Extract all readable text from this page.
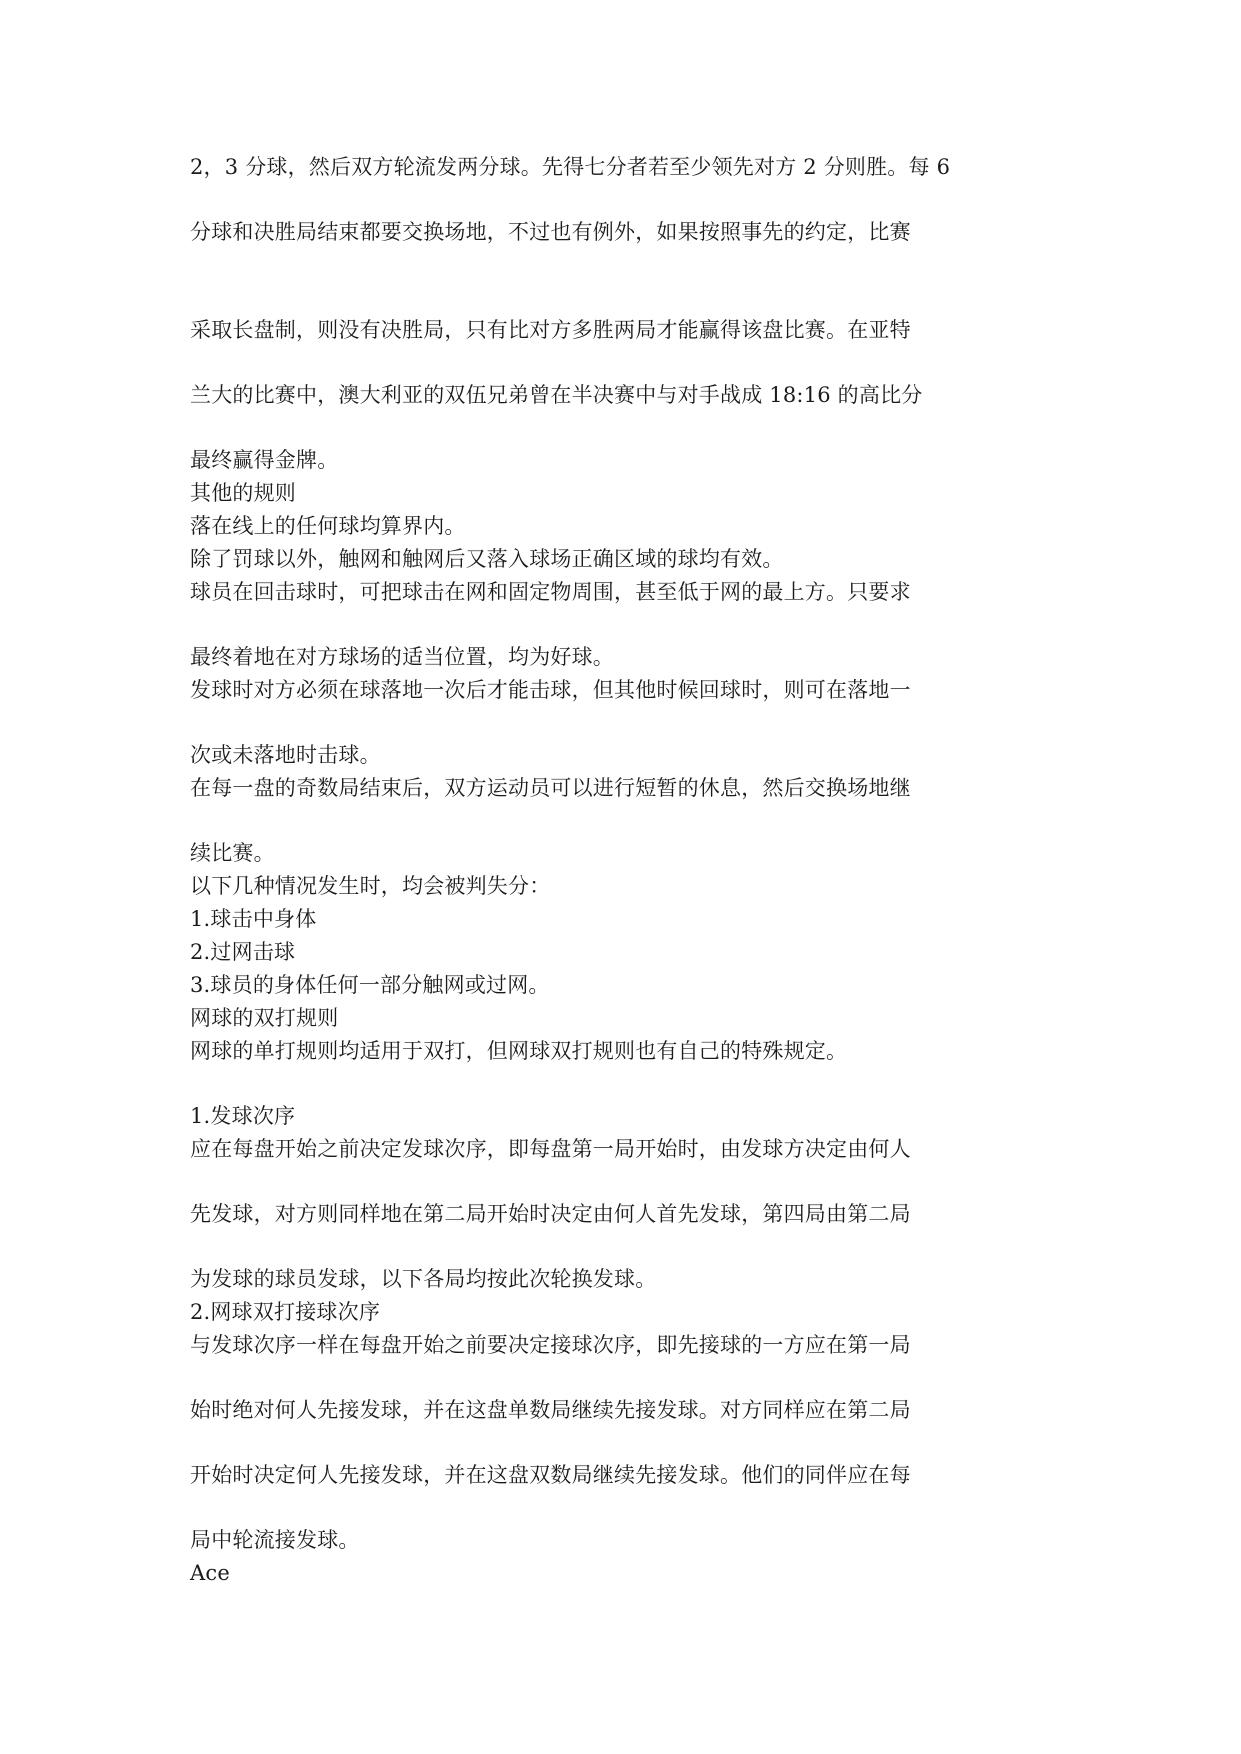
2，3 分球，然后双方轮流发两分球。先得七分者若至少领先对方 2 分则胜。每 6
分球和决胜局结束都要交换场地，不过也有例外，如果按照事先的约定，比赛
采取长盘制，则没有决胜局，只有比对方多胜两局才能赢得该盘比赛。在亚特
兰大的比赛中，澳大利亚的双伍兄弟曾在半决赛中与对手战成 18:16 的高比分
最终赢得金牌。
其他的规则
落在线上的任何球均算界内。
除了罚球以外，触网和触网后又落入球场正确区域的球均有效。
球员在回击球时，可把球击在网和固定物周围，甚至低于网的最上方。只要求
最终着地在对方球场的适当位置，均为好球。
发球时对方必须在球落地一次后才能击球，但其他时候回球时，则可在落地一
次或未落地时击球。
在每一盘的奇数局结束后，双方运动员可以进行短暂的休息，然后交换场地继
续比赛。
以下几种情况发生时，均会被判失分：
1.球击中身体
2.过网击球
3.球员的身体任何一部分触网或过网。
网球的双打规则
网球的单打规则均适用于双打，但网球双打规则也有自己的特殊规定。
1.发球次序
应在每盘开始之前决定发球次序，即每盘第一局开始时，由发球方决定由何人
先发球，对方则同样地在第二局开始时决定由何人首先发球，第四局由第二局
为发球的球员发球，以下各局均按此次轮换发球。
2.网球双打接球次序
与发球次序一样在每盘开始之前要决定接球次序，即先接球的一方应在第一局
始时绝对何人先接发球，并在这盘单数局继续先接发球。对方同样应在第二局
开始时决定何人先接发球，并在这盘双数局继续先接发球。他们的同伴应在每
局中轮流接发球。
Ace
